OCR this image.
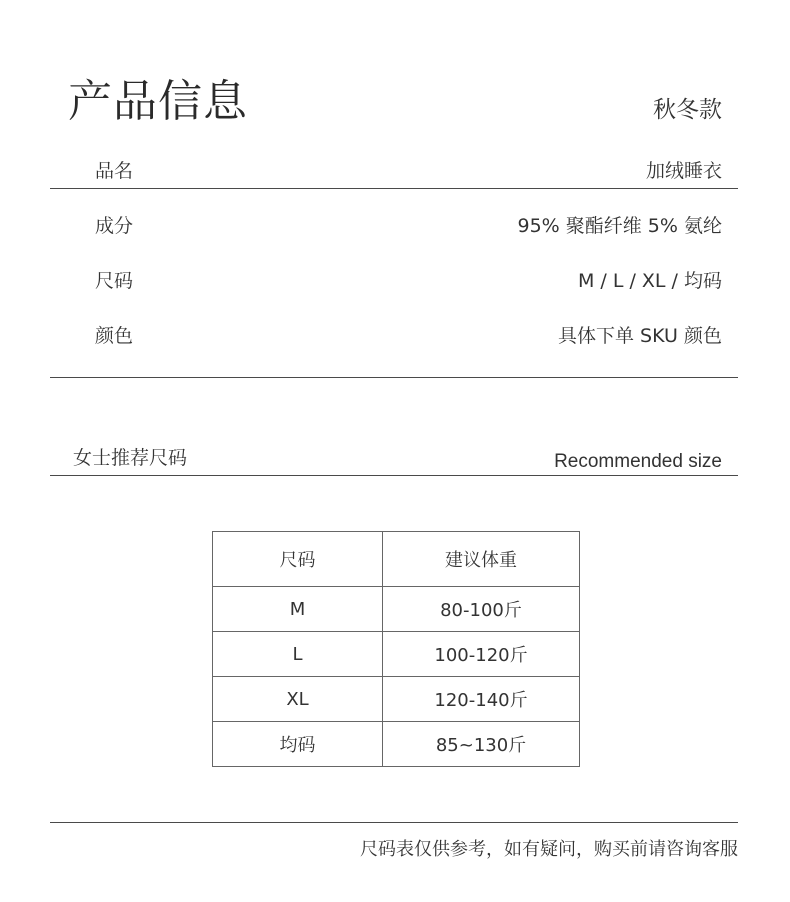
产品信息	秋冬款
品名	加绒睡衣
成分	95% 聚酯纤维 5% 氨纶
尺码	M / L / XL / 均码
颜色	具体下单 SKU 颜色
女士推荐尺码	Recommended size
尺码	建议体重
M	80-100斤
L	100-120斤
XL	120-140斤
均码	85~130斤
尺码表仅供参考，如有疑问，购买前请咨询客服
